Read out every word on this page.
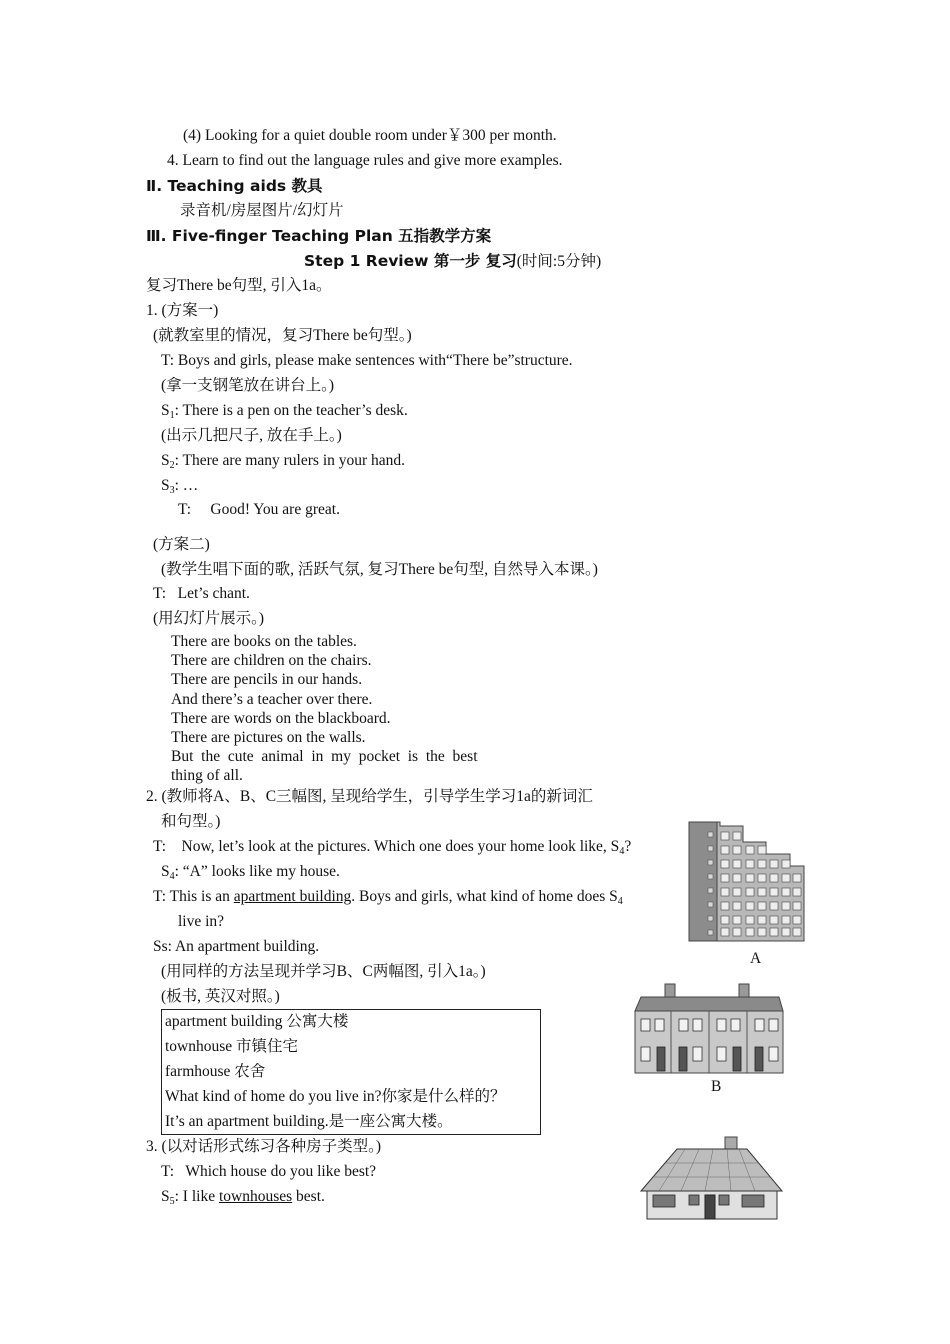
(4) Looking for a quiet double room under￥300 per month.
4. Learn to find out the language rules and give more examples.
Ⅱ. Teaching aids 教具
录音机/房屋图片/幻灯片
Ⅲ. Five-finger Teaching Plan 五指教学方案
Step 1 Review 第一步 复习(时间:5分钟)
复习There be句型, 引入1a。
1. (方案一)
(就教室里的情况，复习There be句型。)
T: Boys and girls, please make sentences with“There be”structure.
(拿一支钢笔放在讲台上。)
$S_1$: There is a pen on the teacher’s desk.
(出示几把尺子, 放在手上。)
$S_2$: There are many rulers in your hand.
$S_3$: …
T:     Good! You are great.
(方案二)
(教学生唱下面的歌, 活跃气氛, 复习There be句型, 自然导入本课。)
T:   Let’s chant.
(用幻灯片展示。)
There are books on the tables.
There are children on the chairs.
There are pencils in our hands.
And there’s a teacher over there.
There are words on the blackboard.
There are pictures on the walls.
But  the  cute  animal  in  my  pocket  is  the  best
thing of all.
2. (教师将A、B、C三幅图, 呈现给学生，引导学生学习1a的新词汇
和句型。)
T:    Now, let’s look at the pictures. Which one does your home look like, $S_4$?
$S_4$: “A” looks like my house.
T: This is an apartment building. Boys and girls, what kind of home does $S_4$
live in?
Ss: An apartment building.
(用同样的方法呈现并学习B、C两幅图, 引入1a。)
(板书, 英汉对照。)
apartment building 公寓大楼
townhouse 市镇住宅
farmhouse 农舍
What kind of home do you live in?你家是什么样的？
It’s an apartment building.是一座公寓大楼。
3. (以对话形式练习各种房子类型。)
T:   Which house do you like best?
$S_5$: I like townhouses best.
A
B
